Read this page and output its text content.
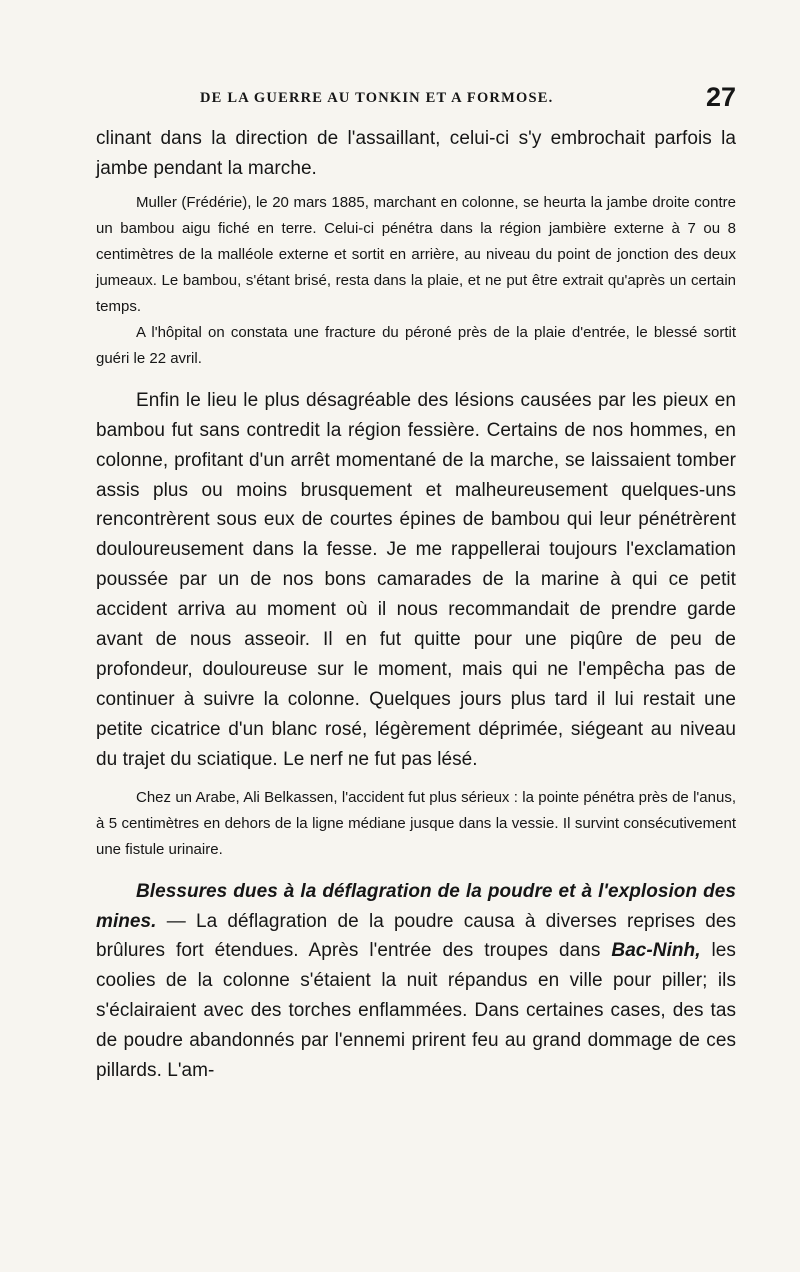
DE LA GUERRE AU TONKIN ET A FORMOSE.	27

clinant dans la direction de l'assaillant, celui-ci s'y embrochait parfois la jambe pendant la marche.

Muller (Frédérie), le 20 mars 1885, marchant en colonne, se heurta la jambe droite contre un bambou aigu fiché en terre. Celui-ci pénétra dans la région jambière externe à 7 ou 8 centimètres de la malléole externe et sortit en arrière, au niveau du point de jonction des deux jumeaux. Le bambou, s'étant brisé, resta dans la plaie, et ne put être extrait qu'après un certain temps.

A l'hôpital on constata une fracture du péroné près de la plaie d'entrée, le blessé sortit guéri le 22 avril.

Enfin le lieu le plus désagréable des lésions causées par les pieux en bambou fut sans contredit la région fessière. Certains de nos hommes, en colonne, profitant d'un arrêt momentané de la marche, se laissaient tomber assis plus ou moins brusquement et malheureusement quelques-uns rencontrèrent sous eux de courtes épines de bambou qui leur pénétrèrent douloureusement dans la fesse. Je me rappellerai toujours l'exclamation poussée par un de nos bons camarades de la marine à qui ce petit accident arriva au moment où il nous recommandait de prendre garde avant de nous asseoir. Il en fut quitte pour une piqûre de peu de profondeur, douloureuse sur le moment, mais qui ne l'empêcha pas de continuer à suivre la colonne. Quelques jours plus tard il lui restait une petite cicatrice d'un blanc rosé, légèrement déprimée, siégeant au niveau du trajet du sciatique. Le nerf ne fut pas lésé.

Chez un Arabe, Ali Belkassen, l'accident fut plus sérieux : la pointe pénétra près de l'anus, à 5 centimètres en dehors de la ligne médiane jusque dans la vessie. Il survint consécutivement une fistule urinaire.

Blessures dues à la déflagration de la poudre et à l'explosion des mines. — La déflagration de la poudre causa à diverses reprises des brûlures fort étendues. Après l'entrée des troupes dans Bac-Ninh, les coolies de la colonne s'étaient la nuit répandus en ville pour piller; ils s'éclairaient avec des torches enflammées. Dans certaines cases, des tas de poudre abandonnés par l'ennemi prirent feu au grand dommage de ces pillards. L'am-
